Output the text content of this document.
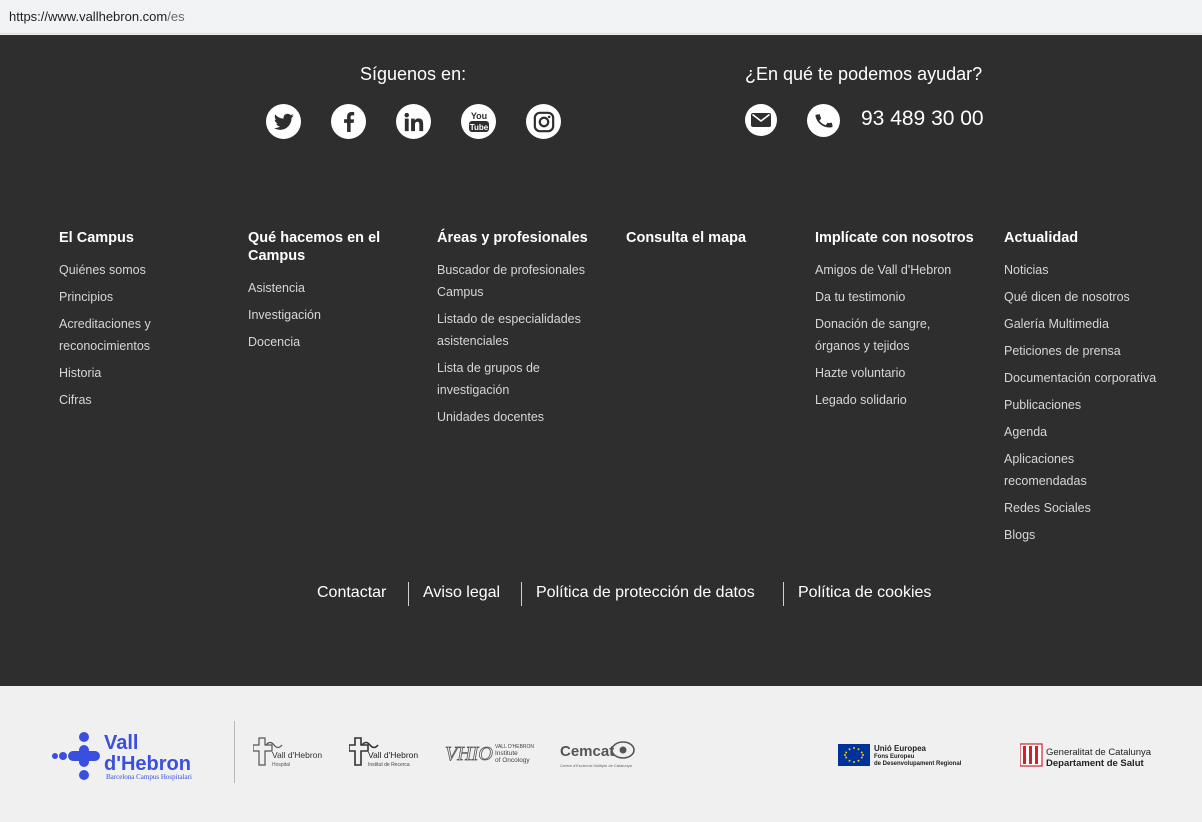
https://www.vallhebron.com/es
Síguenos en:
You
Tube
¿En qué te podemos ayudar?
93 489 30 00
El Campus
Quiénes somos
Principios
Acreditaciones y reconocimientos
Historia
Cifras
Qué hacemos en el Campus
Asistencia
Investigación
Docencia
Áreas y profesionales
Buscador de profesionales Campus
Listado de especialidades asistenciales
Lista de grupos de investigación
Unidades docentes
Consulta el mapa	Implícate con nosotros
Amigos de Vall d'Hebron
Da tu testimonio
Donación de sangre, órganos y tejidos
Hazte voluntario
Legado solidario
Actualidad
Noticias
Qué dicen de nosotros
Galería Multimedia
Peticiones de prensa
Documentación corporativa
Publicaciones
Agenda
Aplicaciones recomendadas
Redes Sociales
Blogs
Contactar Aviso legal Política de protección de datos	Política de cookies
Vall
d'Hebron
Barcelona Campus Hospitalari
Vall d'Hebron
Hospital
Vall d'Hebron
Institut de Recerca VHIO VALL D'HEBRON
Institute
of Oncology
Cemcat
Centre d'Esclerosi Múltiple de Catalunya
Unió Europea
Fons Europeu
de Desenvolupament Regional
Generalitat de Catalunya
Departament de Salut
